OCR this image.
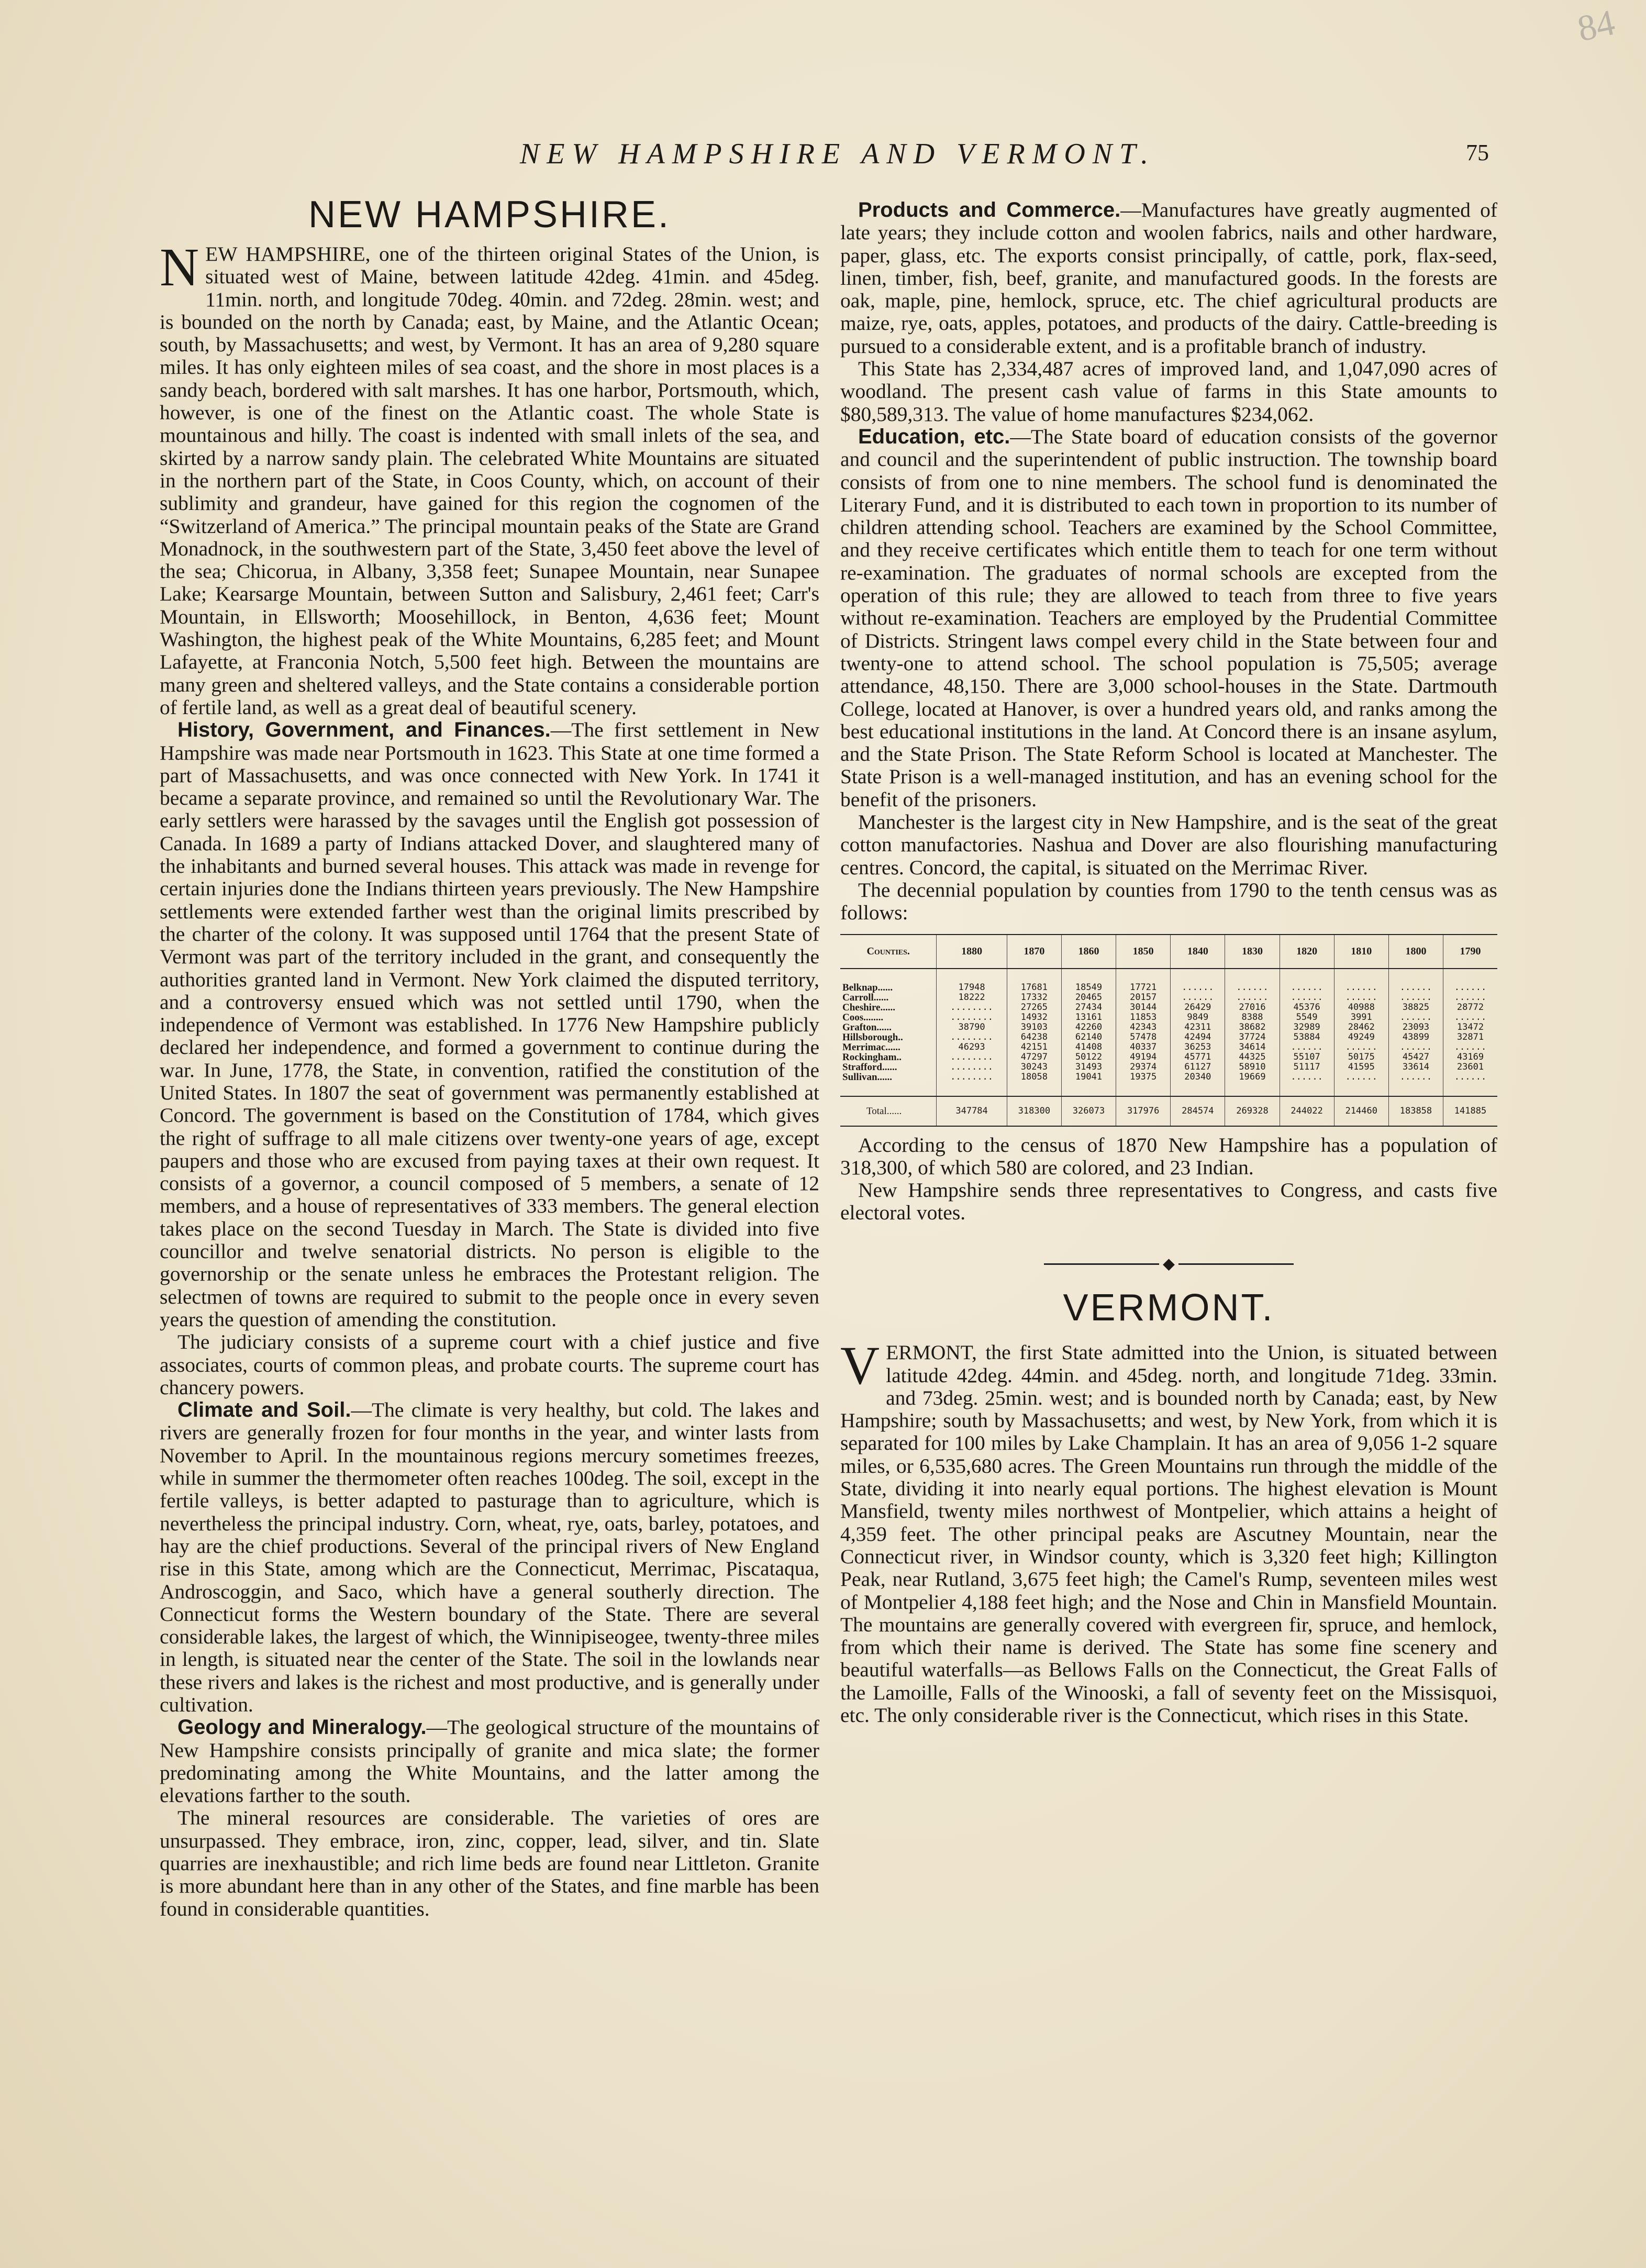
84
NEW HAMPSHIRE AND VERMONT.	75
NEW HAMPSHIRE.

NEW HAMPSHIRE, one of the thirteen original States of the Union, is situated west of Maine, between latitude 42deg. 41min. and 45deg. 11min. north, and longitude 70deg. 40min. and 72deg. 28min. west; and is bounded on the north by Canada; east, by Maine, and the Atlantic Ocean; south, by Massachusetts; and west, by Vermont. It has an area of 9,280 square miles. It has only eighteen miles of sea coast, and the shore in most places is a sandy beach, bordered with salt marshes. It has one harbor, Portsmouth, which, however, is one of the finest on the Atlantic coast. The whole State is mountainous and hilly. The coast is indented with small inlets of the sea, and skirted by a narrow sandy plain. The celebrated White Mountains are situated in the northern part of the State, in Coos County, which, on account of their sublimity and grandeur, have gained for this region the cognomen of the “Switzerland of America.” The principal mountain peaks of the State are Grand Monadnock, in the southwestern part of the State, 3,450 feet above the level of the sea; Chicorua, in Albany, 3,358 feet; Sunapee Mountain, near Sunapee Lake; Kearsarge Mountain, between Sutton and Salisbury, 2,461 feet; Carr's Mountain, in Ellsworth; Moosehillock, in Benton, 4,636 feet; Mount Washington, the highest peak of the White Mountains, 6,285 feet; and Mount Lafayette, at Franconia Notch, 5,500 feet high. Between the mountains are many green and sheltered valleys, and the State contains a considerable portion of fertile land, as well as a great deal of beautiful scenery.

History, Government, and Finances.—The first settlement in New Hampshire was made near Portsmouth in 1623. This State at one time formed a part of Massachusetts, and was once connected with New York. In 1741 it became a separate province, and remained so until the Revolutionary War. The early settlers were harassed by the savages until the English got possession of Canada. In 1689 a party of Indians attacked Dover, and slaughtered many of the inhabitants and burned several houses. This attack was made in revenge for certain injuries done the Indians thirteen years previously. The New Hampshire settlements were extended farther west than the original limits prescribed by the charter of the colony. It was supposed until 1764 that the present State of Vermont was part of the territory included in the grant, and consequently the authorities granted land in Vermont. New York claimed the disputed territory, and a controversy ensued which was not settled until 1790, when the independence of Vermont was established. In 1776 New Hampshire publicly declared her independence, and formed a government to continue during the war. In June, 1778, the State, in convention, ratified the constitution of the United States. In 1807 the seat of government was permanently established at Concord. The government is based on the Constitution of 1784, which gives the right of suffrage to all male citizens over twenty-one years of age, except paupers and those who are excused from paying taxes at their own request. It consists of a governor, a council composed of 5 members, a senate of 12 members, and a house of representatives of 333 members. The general election takes place on the second Tuesday in March. The State is divided into five councillor and twelve senatorial districts. No person is eligible to the governorship or the senate unless he embraces the Protestant religion. The selectmen of towns are required to submit to the people once in every seven years the question of amending the constitution.

The judiciary consists of a supreme court with a chief justice and five associates, courts of common pleas, and probate courts. The supreme court has chancery powers.

Climate and Soil.—The climate is very healthy, but cold. The lakes and rivers are generally frozen for four months in the year, and winter lasts from November to April. In the mountainous regions mercury sometimes freezes, while in summer the thermometer often reaches 100deg. The soil, except in the fertile valleys, is better adapted to pasturage than to agriculture, which is nevertheless the principal industry. Corn, wheat, rye, oats, barley, potatoes, and hay are the chief productions. Several of the principal rivers of New England rise in this State, among which are the Connecticut, Merrimac, Piscataqua, Androscoggin, and Saco, which have a general southerly direction. The Connecticut forms the Western boundary of the State. There are several considerable lakes, the largest of which, the Winnipiseogee, twenty-three miles in length, is situated near the center of the State. The soil in the lowlands near these rivers and lakes is the richest and most productive, and is generally under cultivation.

Geology and Mineralogy.—The geological structure of the mountains of New Hampshire consists principally of granite and mica slate; the former predominating among the White Mountains, and the latter among the elevations farther to the south.

The mineral resources are considerable. The varieties of ores are unsurpassed. They embrace, iron, zinc, copper, lead, silver, and tin. Slate quarries are inexhaustible; and rich lime beds are found near Littleton. Granite is more abundant here than in any other of the States, and fine marble has been found in considerable quantities.

Products and Commerce.—Manufactures have greatly augmented of late years; they include cotton and woolen fabrics, nails and other hardware, paper, glass, etc. The exports consist principally, of cattle, pork, flax-seed, linen, timber, fish, beef, granite, and manufactured goods. In the forests are oak, maple, pine, hemlock, spruce, etc. The chief agricultural products are maize, rye, oats, apples, potatoes, and products of the dairy. Cattle-breeding is pursued to a considerable extent, and is a profitable branch of industry.

This State has 2,334,487 acres of improved land, and 1,047,090 acres of woodland. The present cash value of farms in this State amounts to $80,589,313. The value of home manufactures $234,062.

Education, etc.—The State board of education consists of the governor and council and the superintendent of public instruction. The township board consists of from one to nine members. The school fund is denominated the Literary Fund, and it is distributed to each town in proportion to its number of children attending school. Teachers are examined by the School Committee, and they receive certificates which entitle them to teach for one term without re-examination. The graduates of normal schools are excepted from the operation of this rule; they are allowed to teach from three to five years without re-examination. Teachers are employed by the Prudential Committee of Districts. Stringent laws compel every child in the State between four and twenty-one to attend school. The school population is 75,505; average attendance, 48,150. There are 3,000 school-houses in the State. Dartmouth College, located at Hanover, is over a hundred years old, and ranks among the best educational institutions in the land. At Concord there is an insane asylum, and the State Prison. The State Reform School is located at Manchester. The State Prison is a well-managed institution, and has an evening school for the benefit of the prisoners.

Manchester is the largest city in New Hampshire, and is the seat of the great cotton manufactories. Nashua and Dover are also flourishing manufacturing centres. Concord, the capital, is situated on the Merrimac River.

The decennial population by counties from 1790 to the tenth census was as follows:

Counties.	1880	1870	1860	1850	1840	1830	1820	1810	1800	1790
Belknap......	17948	17681	18549	17721	......	......	......	......	......	......
Carroll......	18222	17332	20465	20157	......	......	......	......	......	......
Cheshire......	........	27265	27434	30144	26429	27016	45376	40988	38825	28772
Coos........	........	14932	13161	11853	9849	8388	5549	3991	......	......
Grafton......	38790	39103	42260	42343	42311	38682	32989	28462	23093	13472
Hillsborough..	........	64238	62140	57478	42494	37724	53884	49249	43899	32871
Merrimac......	46293	42151	41408	40337	36253	34614	......	......	......	......
Rockingham..	........	47297	50122	49194	45771	44325	55107	50175	45427	43169
Strafford......	........	30243	31493	29374	61127	58910	51117	41595	33614	23601
Sullivan......	........	18058	19041	19375	20340	19669	......	......	......	......
Total......	347784	318300	326073	317976	284574	269328	244022	214460	183858	141885

According to the census of 1870 New Hampshire has a population of 318,300, of which 580 are colored, and 23 Indian.

New Hampshire sends three representatives to Congress, and casts five electoral votes.

◆
VERMONT.

VERMONT, the first State admitted into the Union, is situated between latitude 42deg. 44min. and 45deg. north, and longitude 71deg. 33min. and 73deg. 25min. west; and is bounded north by Canada; east, by New Hampshire; south by Massachusetts; and west, by New York, from which it is separated for 100 miles by Lake Champlain. It has an area of 9,056 1-2 square miles, or 6,535,680 acres. The Green Mountains run through the middle of the State, dividing it into nearly equal portions. The highest elevation is Mount Mansfield, twenty miles northwest of Montpelier, which attains a height of 4,359 feet. The other principal peaks are Ascutney Mountain, near the Connecticut river, in Windsor county, which is 3,320 feet high; Killington Peak, near Rutland, 3,675 feet high; the Camel's Rump, seventeen miles west of Montpelier 4,188 feet high; and the Nose and Chin in Mansfield Mountain. The mountains are generally covered with evergreen fir, spruce, and hemlock, from which their name is derived. The State has some fine scenery and beautiful waterfalls—as Bellows Falls on the Connecticut, the Great Falls of the Lamoille, Falls of the Winooski, a fall of seventy feet on the Missisquoi, etc. The only considerable river is the Connecticut, which rises in this State.
